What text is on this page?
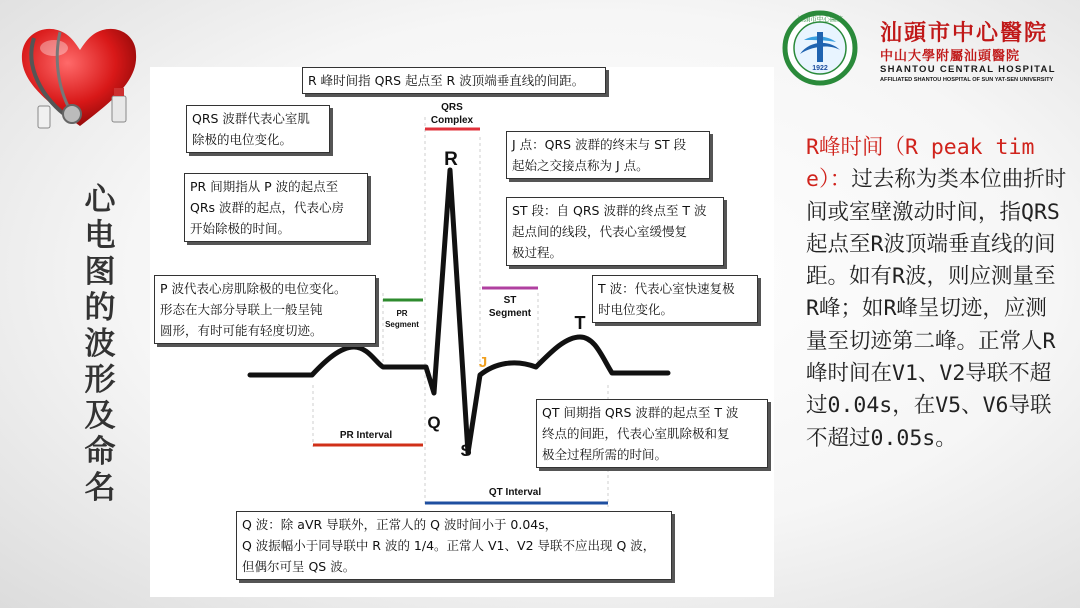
心
电
图
的
波
形
及
命
名
1922
汕頭市中心醫院
汕頭市中心醫院
中山大學附屬汕頭醫院
SHANTOU CENTRAL HOSPITAL
AFFILIATED SHANTOU HOSPITAL OF SUN YAT-SEN UNIVERSITY
QRS
Complex
PR
Segment
ST
Segment
R
Q
S
T
J
PR Interval
QT Interval
R 峰时间指 QRS 起点至 R 波顶端垂直线的间距。
QRS 波群代表心室肌
除极的电位变化。	J 点：QRS 波群的终末与 ST 段
起始之交接点称为 J 点。
PR 间期指从 P 波的起点至
QRs 波群的起点，代表心房
开始除极的时间。
ST 段：自 QRS 波群的终点至 T 波
起点间的线段，代表心室缓慢复
极过程。
P 波代表心房肌除极的电位变化。
形态在大部分导联上一般呈钝
圆形，有时可能有轻度切迹。
T 波：代表心室快速复极
时电位变化。
QT 间期指 QRS 波群的起点至 T 波
终点的间距，代表心室肌除极和复
极全过程所需的时间。
Q 波：除 aVR 导联外，正常人的 Q 波时间小于 0.04s，
Q 波振幅小于同导联中 R 波的 1/4。正常人 V1、V2 导联不应出现 Q 波，
但偶尔可呈 QS 波。
R峰时间（R peak time）：过去称为类本位曲折时间或室壁激动时间，指QRS起点至R波顶端垂直线的间距。如有R波，则应测量至R峰；如R峰呈切迹，应测量至切迹第二峰。正常人R峰时间在V1、V2导联不超过0.04s，在V5、V6导联不超过0.05s。
